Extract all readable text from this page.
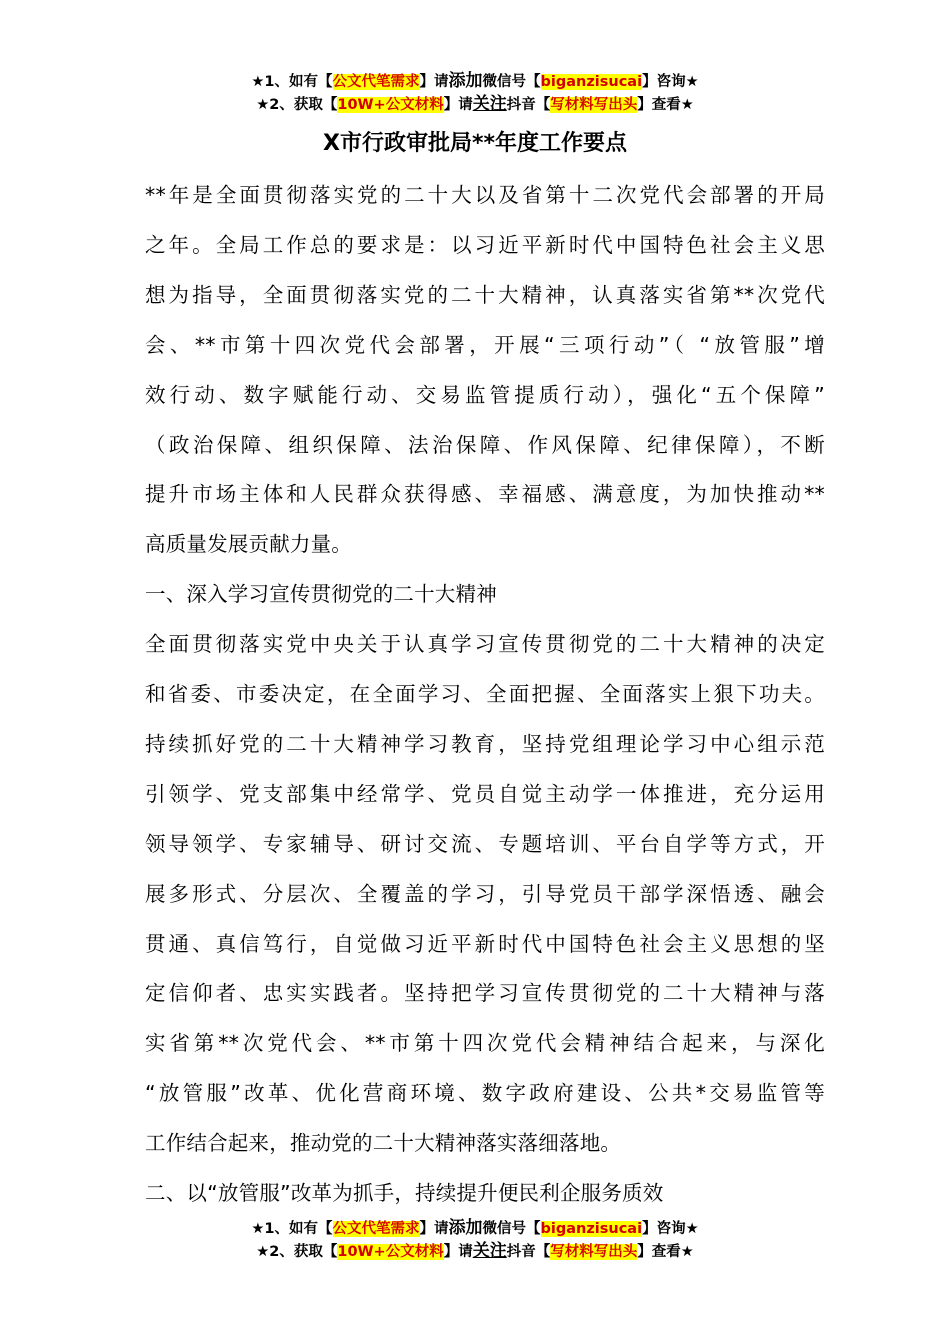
★1、如有【公文代笔需求】请添加微信号【biganzisucai】咨询★
★2、获取【10W+公文材料】请关注抖音【写材料写出头】查看★
X市行政审批局**年度工作要点
**年是全面贯彻落实党的二十大以及省第十二次党代会部署的开局
之年。全局工作总的要求是：以习近平新时代中国特色社会主义思
想为指导，全面贯彻落实党的二十大精神，认真落实省第**次党代
会、**市第十四次党代会部署，开展“三项行动”（ “放管服”增
效行动、数字赋能行动、交易监管提质行动），强化“五个保障”
（政治保障、组织保障、法治保障、作风保障、纪律保障），不断
提升市场主体和人民群众获得感、幸福感、满意度，为加快推动**
高质量发展贡献力量。
一、深入学习宣传贯彻党的二十大精神
全面贯彻落实党中央关于认真学习宣传贯彻党的二十大精神的决定
和省委、市委决定，在全面学习、全面把握、全面落实上狠下功夫。
持续抓好党的二十大精神学习教育，坚持党组理论学习中心组示范
引领学、党支部集中经常学、党员自觉主动学一体推进，充分运用
领导领学、专家辅导、研讨交流、专题培训、平台自学等方式，开
展多形式、分层次、全覆盖的学习，引导党员干部学深悟透、融会
贯通、真信笃行，自觉做习近平新时代中国特色社会主义思想的坚
定信仰者、忠实实践者。坚持把学习宣传贯彻党的二十大精神与落
实省第**次党代会、**市第十四次党代会精神结合起来，与深化
“放管服”改革、优化营商环境、数字政府建设、公共*交易监管等
工作结合起来，推动党的二十大精神落实落细落地。
二、以“放管服”改革为抓手，持续提升便民利企服务质效
★1、如有【公文代笔需求】请添加微信号【biganzisucai】咨询★
★2、获取【10W+公文材料】请关注抖音【写材料写出头】查看★
